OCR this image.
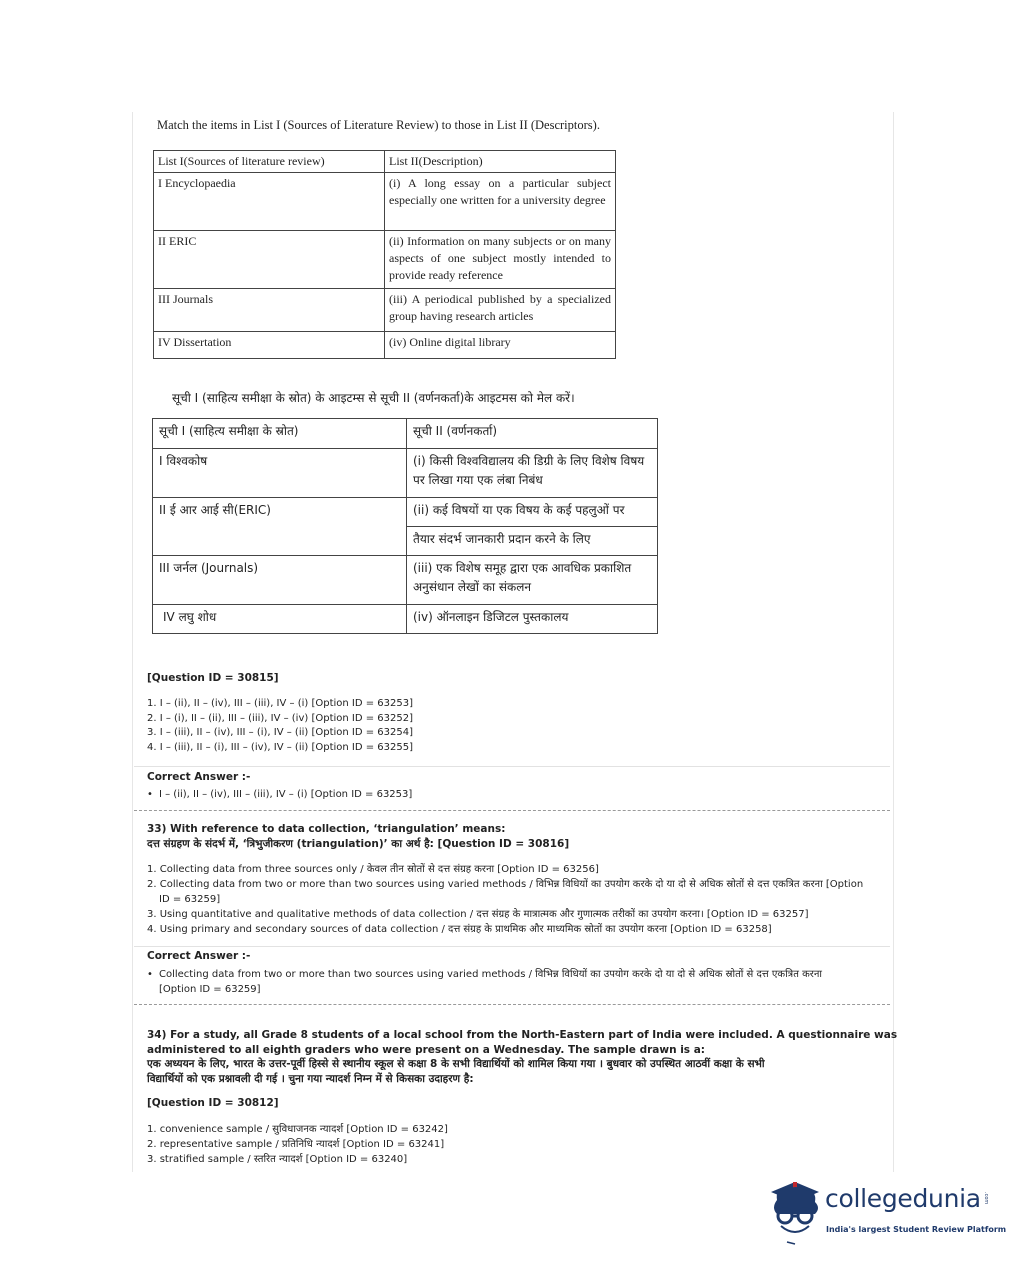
Match the items in List I (Sources of Literature Review) to those in List II (Descriptors).
List I(Sources of literature review)	List II(Description)
I Encyclopaedia	(i) A long essay on a particular subject especially one written for a university degree
II ERIC	(ii) Information on many subjects or on many aspects of one subject mostly intended to provide ready reference
III Journals	(iii) A periodical published by a specialized group having research articles
IV Dissertation	(iv) Online digital library
सूची I (साहित्य समीक्षा के स्रोत) के आइटम्स से सूची II (वर्णनकर्ता)के आइटमस को मेल करें।
सूची I (साहित्य समीक्षा के स्रोत)	सूची II (वर्णनकर्ता)
I विश्वकोष	(i) किसी विश्वविद्यालय की डिग्री के लिए विशेष विषय पर लिखा गया एक लंबा निबंध
II ई आर आई सी(ERIC)	(ii) कई विषयों या एक विषय के कई पहलुओं पर
	तैयार संदर्भ जानकारी प्रदान करने के लिए
III जर्नल (Journals)	(iii) एक विशेष समूह द्वारा एक आवधिक प्रकाशित अनुसंधान लेखों का संकलन
IV लघु शोध	(iv) ऑनलाइन डिजिटल पुस्तकालय
[Question ID = 30815]
1. I – (ii), II – (iv), III – (iii), IV – (i) [Option ID = 63253]
2. I – (i), II – (ii), III – (iii), IV – (iv) [Option ID = 63252]
3. I – (iii), II – (iv), III – (i), IV – (ii) [Option ID = 63254]
4. I – (iii), II – (i), III – (iv), IV – (ii) [Option ID = 63255]
Correct Answer :-
• I – (ii), II – (iv), III – (iii), IV – (i) [Option ID = 63253]
33) With reference to data collection, ‘triangulation’ means:
दत्त संग्रहण के संदर्भ में, ‘त्रिभुजीकरण (triangulation)’ का अर्थ है: [Question ID = 30816]
1. Collecting data from three sources only / केवल तीन स्रोतों से दत्त संग्रह करना [Option ID = 63256]
2. Collecting data from two or more than two sources using varied methods / विभिन्न विधियों का उपयोग करके दो या दो से अधिक स्रोतों से दत्त एकत्रित करना [Option
ID = 63259]
3. Using quantitative and qualitative methods of data collection / दत्त संग्रह के मात्रात्मक और गुणात्मक तरीकों का उपयोग करना। [Option ID = 63257]
4. Using primary and secondary sources of data collection / दत्त संग्रह के प्राथमिक और माध्यमिक स्रोतों का उपयोग करना [Option ID = 63258]
Correct Answer :-
• Collecting data from two or more than two sources using varied methods / विभिन्न विधियों का उपयोग करके दो या दो से अधिक स्रोतों से दत्त एकत्रित करना
[Option ID = 63259]
34) For a study, all Grade 8 students of a local school from the North-Eastern part of India were included. A questionnaire was
administered to all eighth graders who were present on a Wednesday. The sample drawn is a:
एक अध्ययन के लिए, भारत के उत्तर-पूर्वी हिस्से से स्थानीय स्कूल से कक्षा 8 के सभी विद्यार्थियों को शामिल किया गया । बुधवार को उपस्थित आठवीं कक्षा के सभी
विद्यार्थियों को एक प्रश्नावली दी गई । चुना गया न्यादर्श निम्न में से किसका उदाहरण है:
[Question ID = 30812]
1. convenience sample / सुविधाजनक न्यादर्श [Option ID = 63242]
2. representative sample / प्रतिनिधि न्यादर्श [Option ID = 63241]
3. stratified sample / स्तरित न्यादर्श [Option ID = 63240]
collegedunia .com
India's largest Student Review Platform
